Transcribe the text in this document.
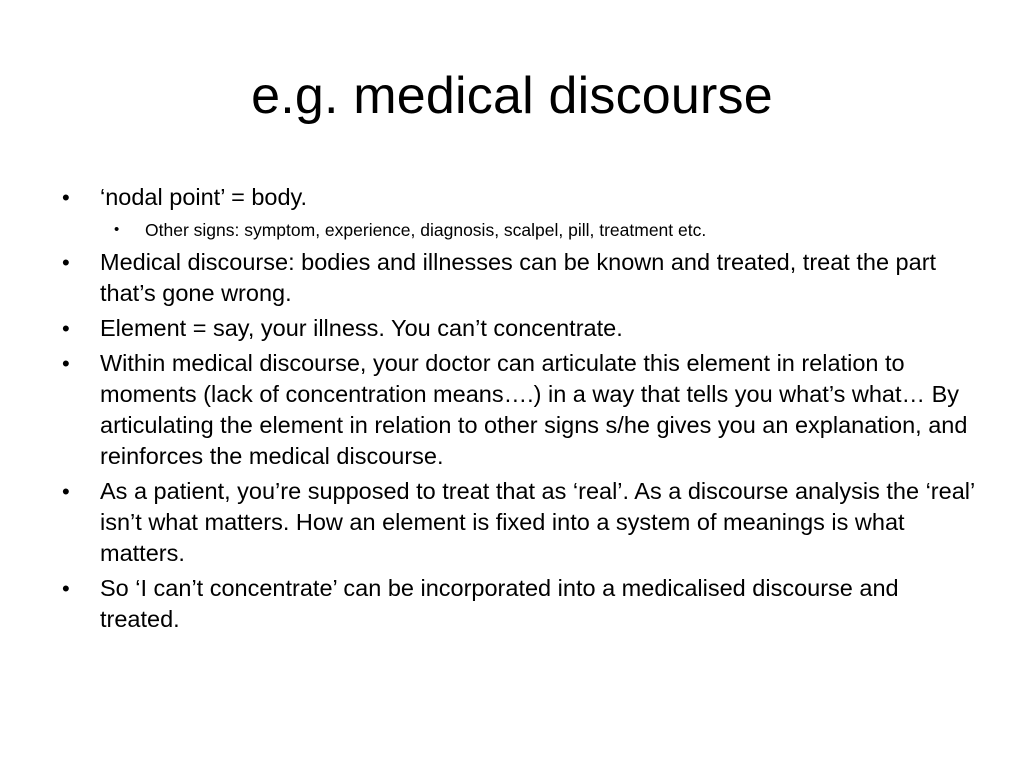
e.g. medical discourse
• ‘nodal point’ = body.
• Other signs: symptom, experience, diagnosis, scalpel, pill, treatment etc.
• Medical discourse: bodies and illnesses can be known and treated, treat the part that’s gone wrong.
• Element = say, your illness. You can’t concentrate.
• Within medical discourse, your doctor can articulate this element in relation to moments (lack of concentration means….) in a way that tells you what’s what… By articulating the element in relation to other signs s/he gives you an explanation, and reinforces the medical discourse.
• As a patient, you’re supposed to treat that as ‘real’. As a discourse analysis the ‘real’ isn’t what matters. How an element is fixed into a system of meanings is what matters.
• So ‘I can’t concentrate’ can be incorporated into a medicalised discourse and treated.
